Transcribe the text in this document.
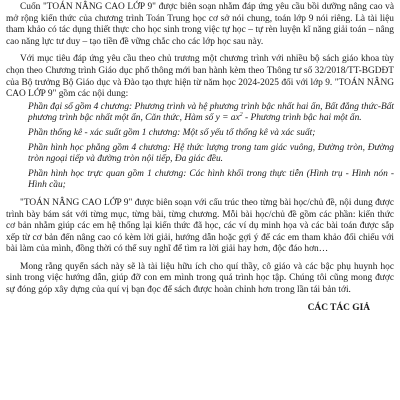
Cuốn "TOÁN NÂNG CAO LỚP 9" được biên soạn nhằm đáp ứng yêu cầu bồi dưỡng nâng cao và mở rộng kiến thức của chương trình Toán Trung học cơ sở nói chung, toán lớp 9 nói riêng. Là tài liệu tham khảo có tác dụng thiết thực cho học sinh trong việc tự học – tự rèn luyện kĩ năng giải toán – nâng cao năng lực tư duy – tạo tiền đề vững chắc cho các lớp học sau này.

Với mục tiêu đáp ứng yêu cầu theo chủ trương một chương trình với nhiều bộ sách giáo khoa tùy chọn theo Chương trình Giáo dục phổ thông mới ban hành kèm theo Thông tư số 32/2018/TT-BGDĐT của Bộ trưởng Bộ Giáo dục và Đào tạo thực hiện từ năm học 2024-2025 đối với lớp 9. "TOÁN NÂNG CAO LỚP 9" gồm các nội dung:

Phần đại số gồm 4 chương: Phương trình và hệ phương trình bậc nhất hai ẩn, Bất đẳng thức-Bất phương trình bậc nhất một ẩn, Căn thức, Hàm số $y = ax^2$ - Phương trình bậc hai một ẩn.

Phần thống kê - xác suất gồm 1 chương: Một số yếu tố thống kê và xác suất;

Phần hình học phẳng gồm 4 chương: Hệ thức lượng trong tam giác vuông, Đường tròn, Đường tròn ngoại tiếp và đường tròn nội tiếp, Đa giác đều.

Phần hình học trực quan gồm 1 chương: Các hình khối trong thực tiễn (Hình trụ - Hình nón - Hình cầu;

"TOÁN NÂNG CAO LỚP 9" được biên soạn với cấu trúc theo từng bài học/chủ đề, nội dung được trình bày bám sát với từng mục, từng bài, từng chương. Mỗi bài học/chủ đề gồm các phần: kiến thức cơ bản nhằm giúp các em hệ thống lại kiến thức đã học, các ví dụ minh họa và các bài toán được sắp xếp từ cơ bản đến nâng cao có kèm lời giải, hướng dẫn hoặc gợi ý để các em tham khảo đối chiếu với bài làm của mình, đồng thời có thể suy nghĩ để tìm ra lời giải hay hơn, độc đáo hơn…

Mong rằng quyển sách này sẽ là tài liệu hữu ích cho quí thầy, cô giáo và các bậc phụ huynh học sinh trong việc hướng dẫn, giúp đỡ con em mình trong quá trình học tập. Chúng tôi cũng mong được sự đóng góp xây dựng của quí vị bạn đọc để sách được hoàn chỉnh hơn trong lần tái bản tới.

CÁC TÁC GIẢ
